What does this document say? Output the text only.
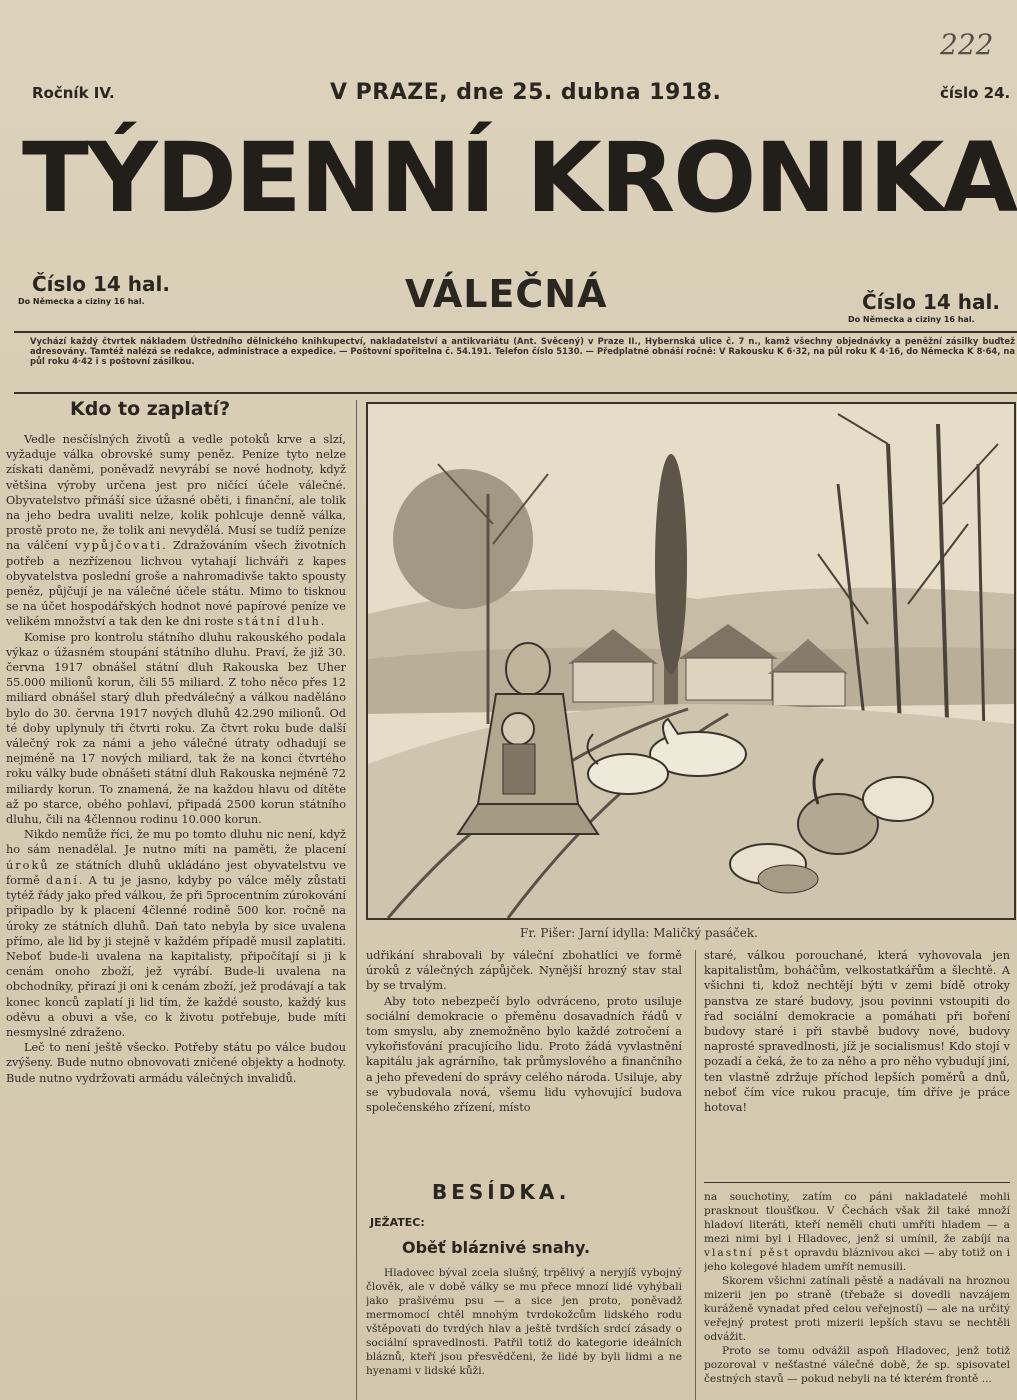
Ročník IV.	V PRAZE, dne 25. dubna 1918.	číslo 24.
222
TÝDENNÍ KRONIKA
Číslo 14 hal.
Do Německa a ciziny 16 hal.	VÁLEČNÁ	Číslo 14 hal.
Do Německa a ciziny 16 hal.
Vychází každý čtvrtek nákladem Ústředního dělnického knihkupectví, nakladatelství a antikvariátu (Ant. Svěcený) v Praze II., Hybernská ulice č. 7 n., kamž všechny objednávky a peněžní zásilky buďtež adresovány. Tamtéž nalézá se redakce, administrace a expedice. — Poštovní spořitelna č. 54.191. Telefon číslo 5130. — Předplatné obnáší ročně: V Rakousku K 6·32, na půl roku K 4·16, do Německa K 8·64, na půl roku 4·42 i s poštovní zásilkou.
Kdo to zaplatí?

Vedle nesčíslných životů a vedle potoků krve a slzí, vyžaduje válka obrovské sumy peněz. Peníze tyto nelze získati daněmi, poněvadž nevyrábí se nové hodnoty, když většina výroby určena jest pro ničící účele válečné. Obyvatelstvo přináší sice úžasné oběti, i finanční, ale tolik na jeho bedra uvaliti nelze, kolik pohlcuje denně válka, prostě proto ne, že tolik ani nevydělá. Musí se tudíž peníze na válčení vypůjčovati. Zdražováním všech životních potřeb a nezřízenou lichvou vytahají lichváři z kapes obyvatelstva poslední groše a nahromadivše takto spousty peněz, půjčují je na válečné účele státu. Mimo to tisknou se na účet hospodářských hodnot nové papírové peníze ve velikém množství a tak den ke dni roste státní dluh.

Komise pro kontrolu státního dluhu rakouského podala výkaz o úžasném stoupání státního dluhu. Praví, že již 30. června 1917 obnášel státní dluh Rakouska bez Uher 55.000 milionů korun, čili 55 miliard. Z toho něco přes 12 miliard obnášel starý dluh předválečný a válkou naděláno bylo do 30. června 1917 nových dluhů 42.290 milionů. Od té doby uplynuly tři čtvrti roku. Za čtvrt roku bude další válečný rok za námi a jeho válečné útraty odhadují se nejméně na 17 nových miliard, tak že na konci čtvrtého roku války bude obnášeti státní dluh Rakouska nejméně 72 miliardy korun. To znamená, že na každou hlavu od dítěte až po starce, obého pohlaví, připadá 2500 korun státního dluhu, čili na 4člennou rodinu 10.000 korun.

Nikdo nemůže říci, že mu po tomto dluhu nic není, když ho sám nenadělal. Je nutno míti na paměti, že placení úroků ze státních dluhů ukládáno jest obyvatelstvu ve formě daní. A tu je jasno, kdyby po válce měly zůstati tytéž řády jako před válkou, že při 5procentním zúrokování připadlo by k placení 4členné rodině 500 kor. ročně na úroky ze státních dluhů. Daň tato nebyla by sice uvalena přímo, ale lid by ji stejně v každém případě musil zaplatiti. Neboť bude-li uvalena na kapitalisty, připočítají si ji k cenám onoho zboží, jež vyrábí. Bude-li uvalena na obchodníky, přirazí ji oni k cenám zboží, jež prodávají a tak konec konců zaplatí ji lid tím, že každé sousto, každý kus oděvu a obuvi a vše, co k životu potřebuje, bude míti nesmyslné zdraženo.

Leč to není ještě všecko. Potřeby státu po válce budou zvýšeny. Bude nutno obnovovati zničené objekty a hodnoty. Bude nutno vydržovati armádu válečných invalidů.

Fr. Pišer: Jarní idylla: Maličký pasáček.

udřikání shrabovali by váleční zbohatlíci ve formě úroků z válečných zápůjček. Nynější hrozný stav stal by se trvalým.

Aby toto nebezpečí bylo odvráceno, proto usiluje sociální demokracie o přeměnu dosavadních řádů v tom smyslu, aby znemožněno bylo každé zotročení a vykořisťování pracujícího lidu. Proto žádá vyvlastnění kapitálu jak agrárního, tak průmyslového a finančního a jeho převedení do správy celého národa. Usiluje, aby se vybudovala nová, všemu lidu vyhovující budova společenského zřízení, místo

staré, válkou porouchané, která vyhovovala jen kapitalistům, boháčům, velkostatkářům a šlechtě. A všichni ti, kdož nechtějí býti v zemi bídě otroky panstva ze staré budovy, jsou povinni vstoupiti do řad sociální demokracie a pomáhati při boření budovy staré i při stavbě budovy nové, budovy naprosté spravedlnosti, jíž je socialismus! Kdo stojí v pozadí a čeká, že to za něho a pro něho vybudují jiní, ten vlastně zdržuje příchod lepších poměrů a dnů, neboť čím více rukou pracuje, tím dříve je práce hotova!

BESÍDKA.
JEŽATEC:
Oběť bláznivé snahy.

Hladovec býval zcela slušný, trpělivý a neryjíš vybojný člověk, ale v době války se mu přece mnozí lidé vyhýbali jako prašivému psu — a sice jen proto, poněvadž mermomocí chtěl mnohým tvrdokožcům lidského rodu vštěpovati do tvrdých hlav a ještě tvrdších srdcí zásady o sociální spravedlnosti. Patřil totiž do kategorie ideálních bláznů, kteří jsou přesvědčeni, že lidé by byli lidmi a ne hyenami v lidské kůži.

na souchotiny, zatím co páni nakladatelé mohli prasknout tloušťkou. V Čechách však žil také množí hladoví literáti, kteří neměli chuti umříti hladem — a mezi nimi byl i Hladovec, jenž si umínil, že zabíjí na vlastní pěst opravdu bláznivou akci — aby totiž on i jeho kolegové hladem umřít nemusili.

Skorem všichni zatínali pěstě a nadávali na hroznou mizerii jen po straně (třebaže si dovedli navzájem kuráženě vynadat před celou veřejností) — ale na určitý veřejný protest proti mizerii lepších stavu se nechtěli odvážit.

Proto se tomu odvážil aspoň Hladovec, jenž totiž pozoroval v nešťastné válečné době, že sp. spisovatel čestných stavů — pokud nebyli na té kterém frontě ...
